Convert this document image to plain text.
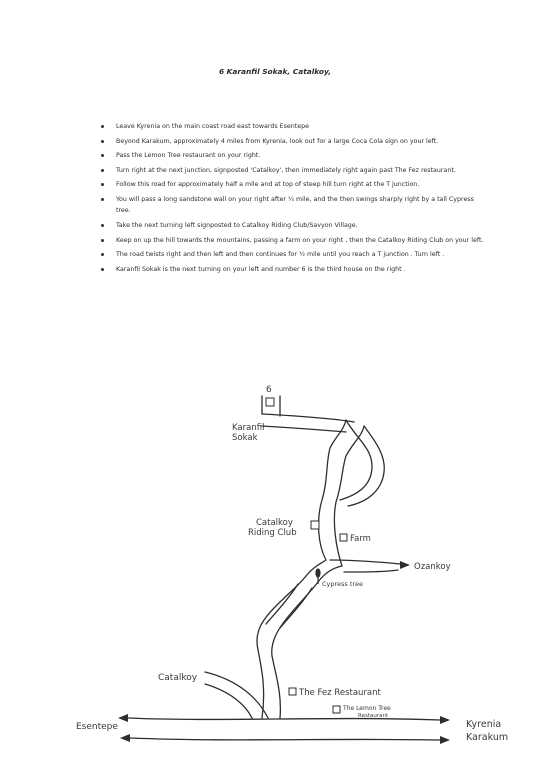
6 Karanfil Sokak, Catalkoy,
Leave Kyrenia on the main coast road east towards Esentepe
Beyond Karakum, approximately 4 miles from Kyrenia, look out for a large Coca Cola sign on your left.
Pass the Lemon Tree restaurant on your right.
Turn right at the next junction, signposted 'Catalkoy', then immediately right again past The Fez restaurant.
Follow this road for approximately half a mile and at top of steep hill turn right at the T junction.
You will pass a long sandstone wall on your right after ¼ mile, and the then swings sharply right by a tall Cypress tree.
Take the next turning left signposted to Catalkoy Riding Club/Savyon Village.
Keep on up the hill towards the mountains, passing a farm on your right , then the Catalkoy Riding Club on your left.
The road twists right and then left and then continues for ½ mile until you reach a T junction . Turn left .
Karanfil Sokak is the next turning on your left and number 6 is the third house on the right .
6
Karanfil
Sokak
Catalkoy
Riding Club
Farm
Ozankoy
Cypress tree
Catalkoy
The Fez Restaurant
The Lemon Tree
Restaurant
Esentepe	Kyrenia
Karakum
